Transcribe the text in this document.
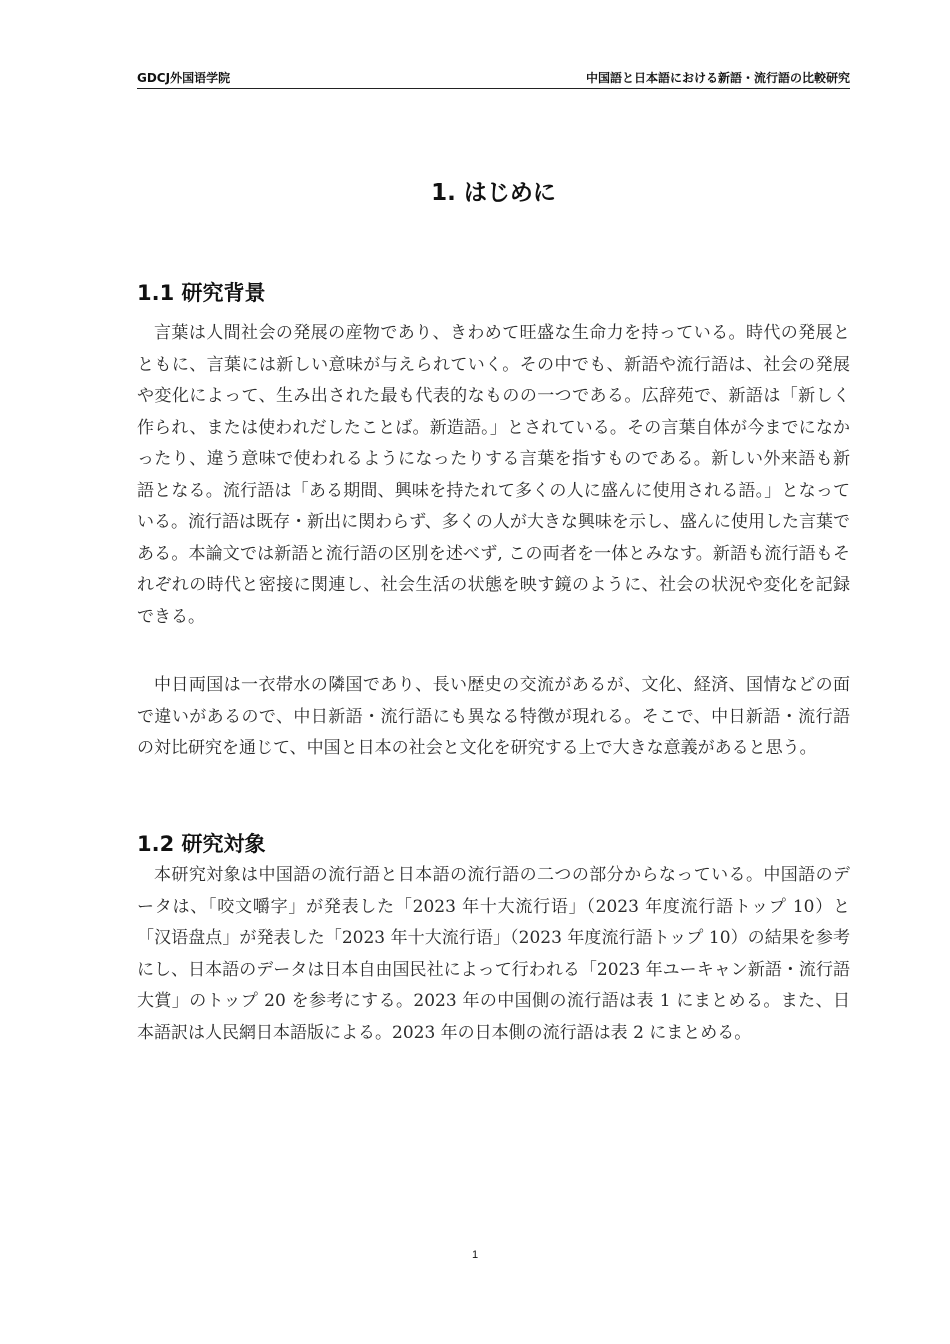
GDCJ外国语学院	中国語と日本語における新語・流行語の比較研究
1. はじめに
1.1 研究背景

言葉は人間社会の発展の産物であり、きわめて旺盛な生命力を持っている。時代の発展とともに、言葉には新しい意味が与えられていく。その中でも、新語や流行語は、社会の発展や変化によって、生み出された最も代表的なものの一つである。広辞苑で、新語は「新しく作られ、または使われだしたことば。新造語。」とされている。その言葉自体が今までになかったり、違う意味で使われるようになったりする言葉を指すものである。新しい外来語も新語となる。流行語は「ある期間、興味を持たれて多くの人に盛んに使用される語。」となっている。流行語は既存・新出に関わらず、多くの人が大きな興味を示し、盛んに使用した言葉である。本論文では新語と流行語の区別を述べず, この両者を一体とみなす。新語も流行語もそれぞれの時代と密接に関連し、社会生活の状態を映す鏡のように、社会の状況や変化を記録できる。

中日両国は一衣帯水の隣国であり、長い歴史の交流があるが、文化、経済、国情などの面で違いがあるので、中日新語・流行語にも異なる特徴が現れる。そこで、中日新語・流行語の対比研究を通じて、中国と日本の社会と文化を研究する上で大きな意義があると思う。

1.2 研究対象

本研究対象は中国語の流行語と日本語の流行語の二つの部分からなっている。中国語のデータは、「咬文嚼字」が発表した「2023 年十大流行语」（2023 年度流行語トップ 10）と「汉语盘点」が発表した「2023 年十大流行语」（2023 年度流行語トップ 10）の結果を参考にし、日本語のデータは日本自由国民社によって行われる「2023 年ユーキャン新語・流行語大賞」のトップ 20 を参考にする。2023 年の中国側の流行語は表 1 にまとめる。また、日本語訳は人民網日本語版による。2023 年の日本側の流行語は表 2 にまとめる。

1
